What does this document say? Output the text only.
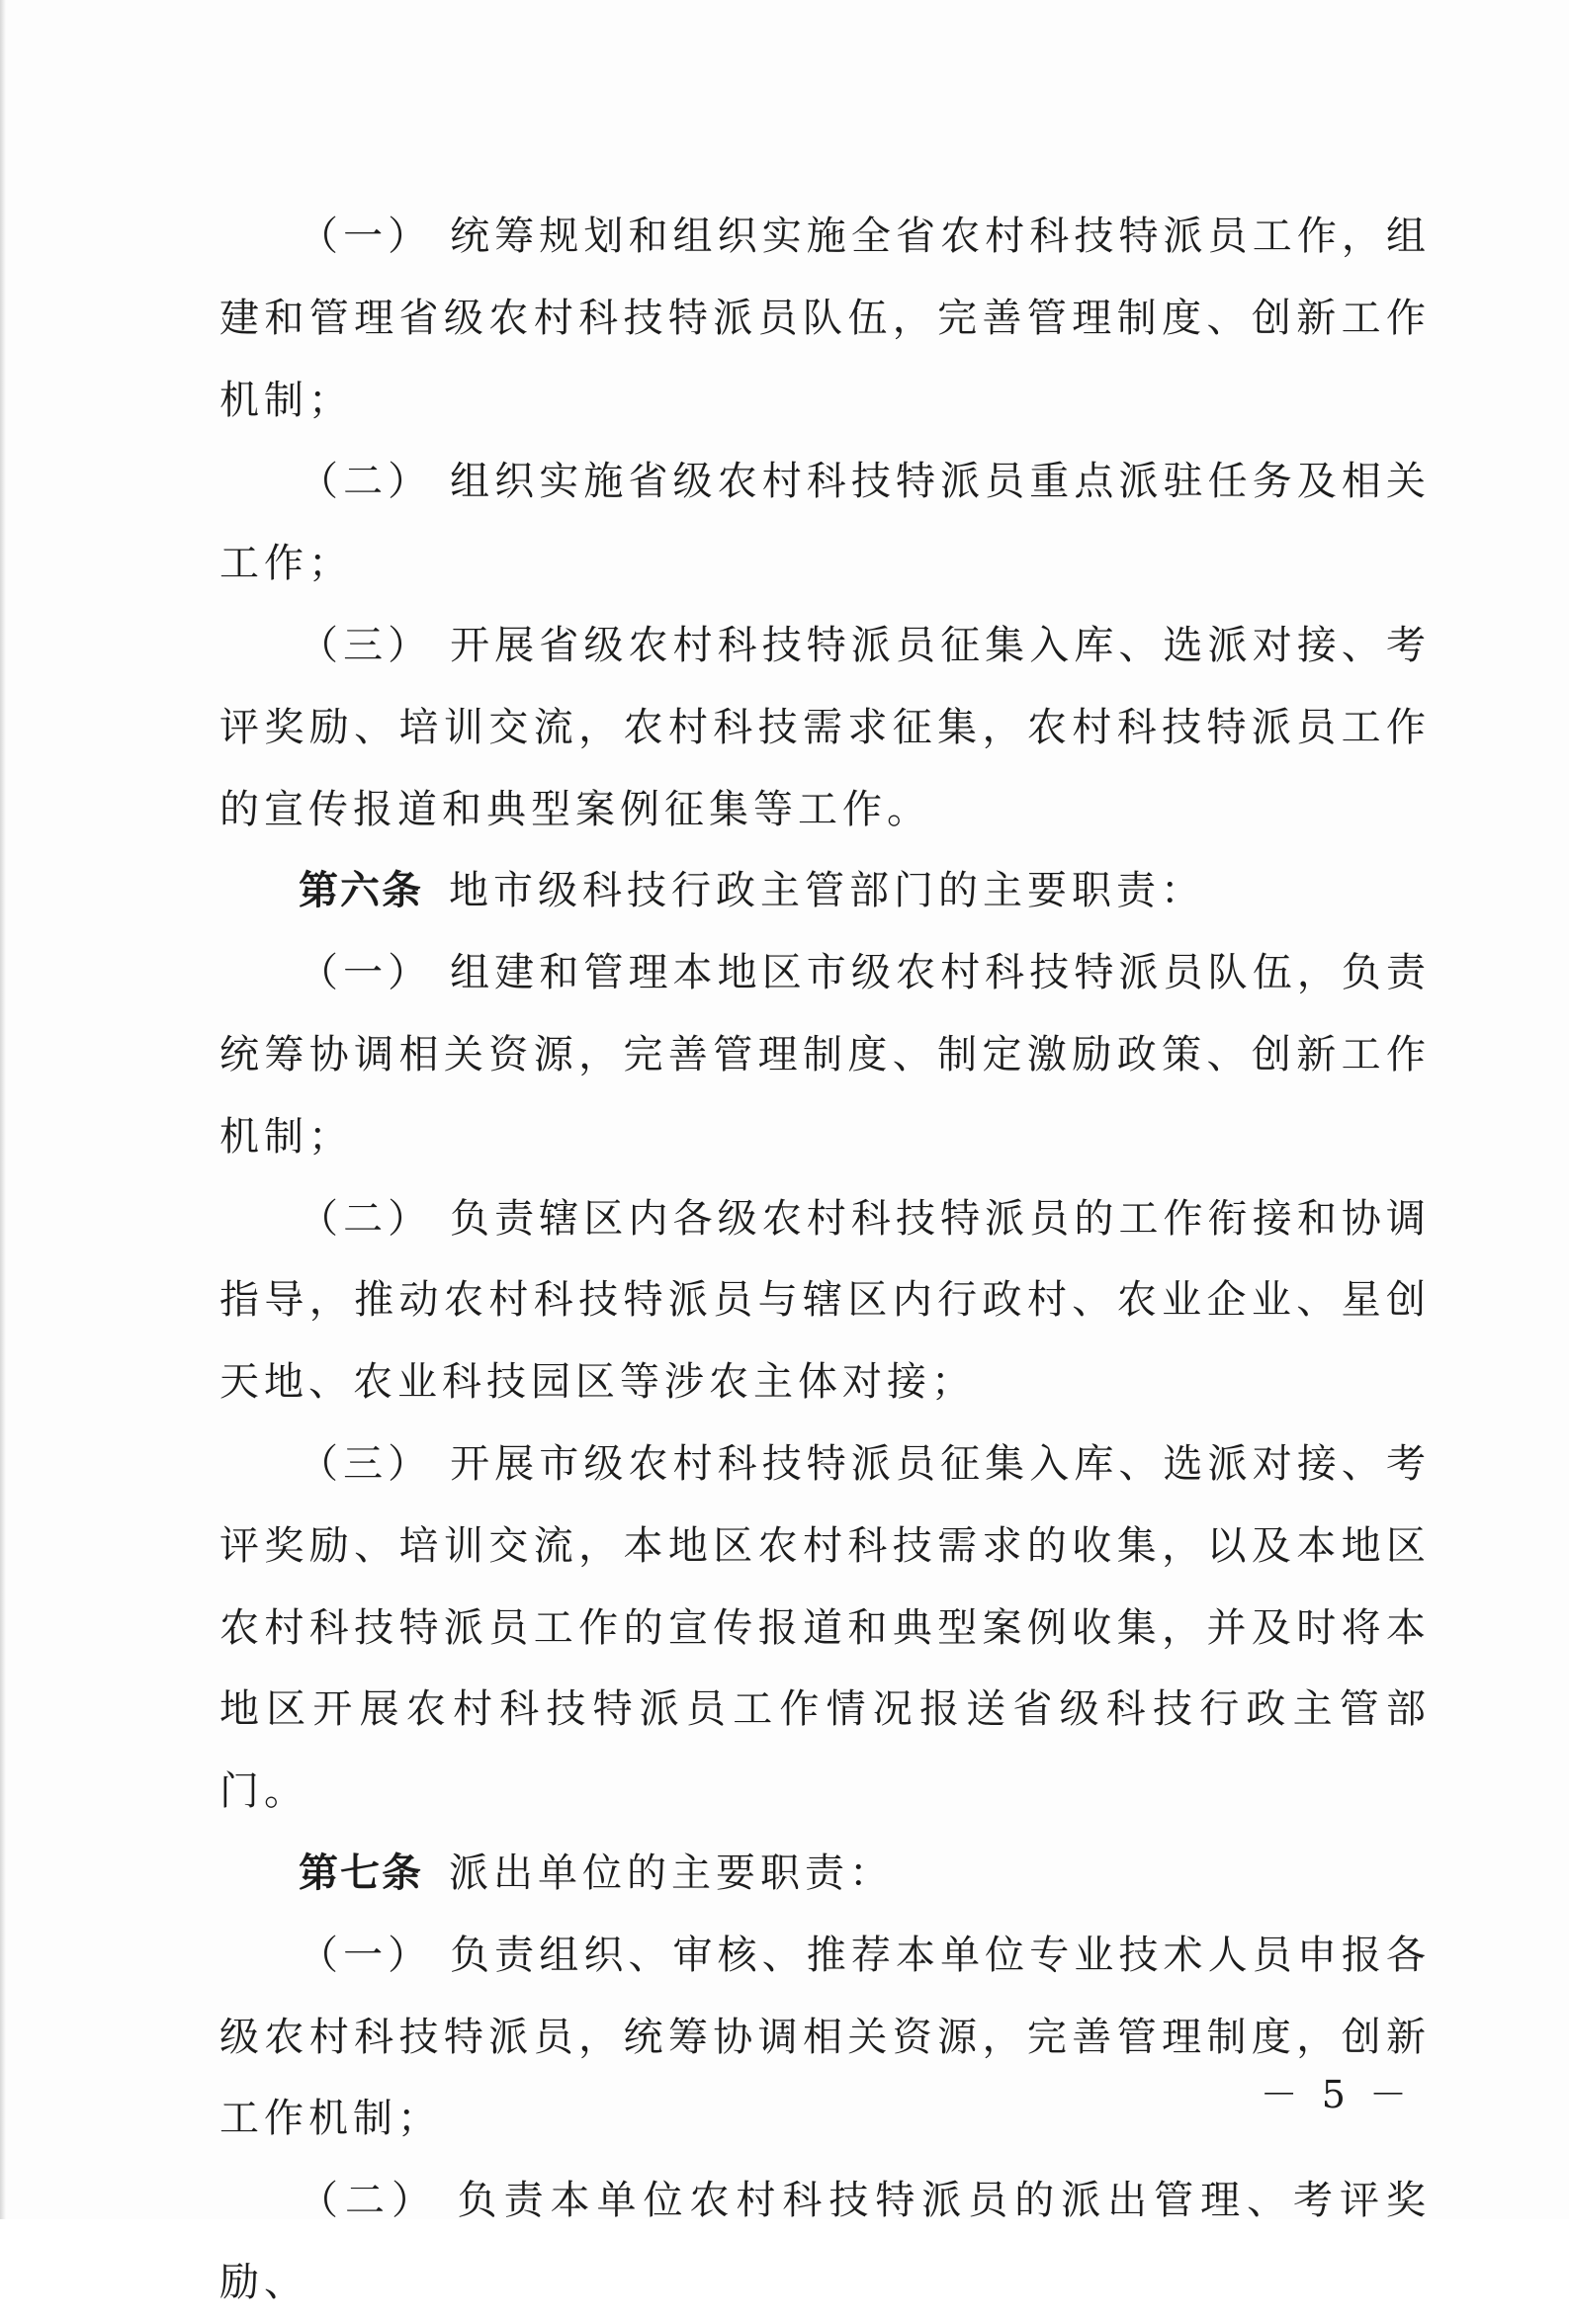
（一） 统筹规划和组织实施全省农村科技特派员工作，组建和管理省级农村科技特派员队伍，完善管理制度、创新工作机制；

（二） 组织实施省级农村科技特派员重点派驻任务及相关工作；

（三） 开展省级农村科技特派员征集入库、选派对接、考评奖励、培训交流，农村科技需求征集，农村科技特派员工作的宣传报道和典型案例征集等工作。

第六条 地市级科技行政主管部门的主要职责：

（一） 组建和管理本地区市级农村科技特派员队伍，负责统筹协调相关资源，完善管理制度、制定激励政策、创新工作机制；

（二） 负责辖区内各级农村科技特派员的工作衔接和协调指导，推动农村科技特派员与辖区内行政村、农业企业、星创天地、农业科技园区等涉农主体对接；

（三） 开展市级农村科技特派员征集入库、选派对接、考评奖励、培训交流，本地区农村科技需求的收集，以及本地区农村科技特派员工作的宣传报道和典型案例收集，并及时将本地区开展农村科技特派员工作情况报送省级科技行政主管部门。

第七条 派出单位的主要职责：

（一） 负责组织、审核、推荐本单位专业技术人员申报各级农村科技特派员，统筹协调相关资源，完善管理制度，创新工作机制；

（二） 负责本单位农村科技特派员的派出管理、考评奖励、

－ 5 －
